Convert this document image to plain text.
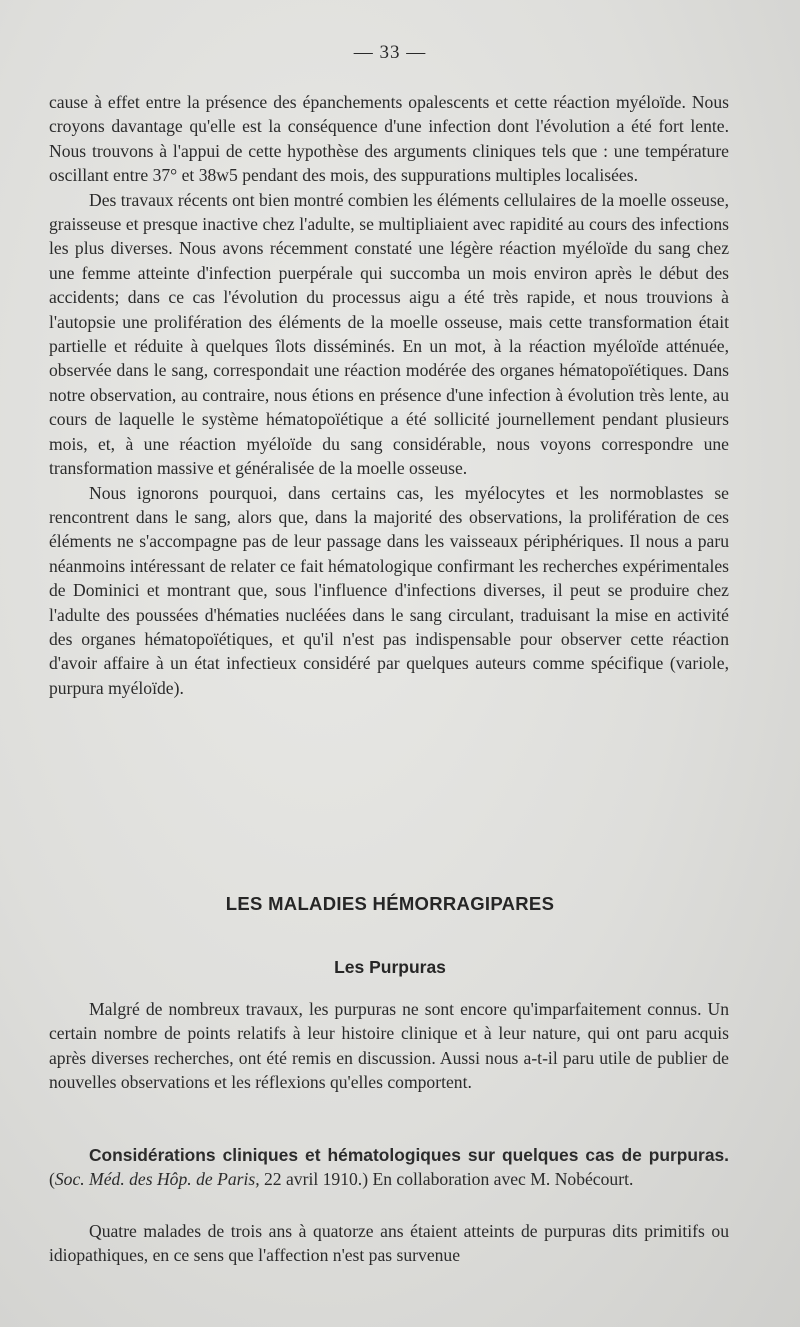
— 33 —

cause à effet entre la présence des épanchements opalescents et cette réaction myéloïde. Nous croyons davantage qu'elle est la conséquence d'une infection dont l'évolution a été fort lente. Nous trouvons à l'appui de cette hypothèse des arguments cliniques tels que : une température oscillant entre 37° et 38w5 pendant des mois, des suppurations multiples localisées.

Des travaux récents ont bien montré combien les éléments cellulaires de la moelle osseuse, graisseuse et presque inactive chez l'adulte, se multipliaient avec rapidité au cours des infections les plus diverses. Nous avons récemment constaté une légère réaction myéloïde du sang chez une femme atteinte d'infection puerpérale qui succomba un mois environ après le début des accidents; dans ce cas l'évolution du processus aigu a été très rapide, et nous trouvions à l'autopsie une prolifération des éléments de la moelle osseuse, mais cette transformation était partielle et réduite à quelques îlots disséminés. En un mot, à la réaction myéloïde atténuée, observée dans le sang, correspondait une réaction modérée des organes hématopoïétiques. Dans notre observation, au contraire, nous étions en présence d'une infection à évolution très lente, au cours de laquelle le système hématopoïétique a été sollicité journellement pendant plusieurs mois, et, à une réaction myéloïde du sang considérable, nous voyons correspondre une transformation massive et généralisée de la moelle osseuse.

Nous ignorons pourquoi, dans certains cas, les myélocytes et les normoblastes se rencontrent dans le sang, alors que, dans la majorité des observations, la prolifération de ces éléments ne s'accompagne pas de leur passage dans les vaisseaux périphériques. Il nous a paru néanmoins intéressant de relater ce fait hématologique confirmant les recherches expérimentales de Dominici et montrant que, sous l'influence d'infections diverses, il peut se produire chez l'adulte des poussées d'hématies nucléées dans le sang circulant, traduisant la mise en activité des organes hématopoïétiques, et qu'il n'est pas indispensable pour observer cette réaction d'avoir affaire à un état infectieux considéré par quelques auteurs comme spécifique (variole, purpura myéloïde).

LES MALADIES HÉMORRAGIPARES
Les Purpuras

Malgré de nombreux travaux, les purpuras ne sont encore qu'imparfaitement connus. Un certain nombre de points relatifs à leur histoire clinique et à leur nature, qui ont paru acquis après diverses recherches, ont été remis en discussion. Aussi nous a-t-il paru utile de publier de nouvelles observations et les réflexions qu'elles comportent.

Considérations cliniques et hématologiques sur quelques cas de purpuras. (Soc. Méd. des Hôp. de Paris, 22 avril 1910.) En collaboration avec M. Nobécourt.

Quatre malades de trois ans à quatorze ans étaient atteints de purpuras dits primitifs ou idiopathiques, en ce sens que l'affection n'est pas survenue
